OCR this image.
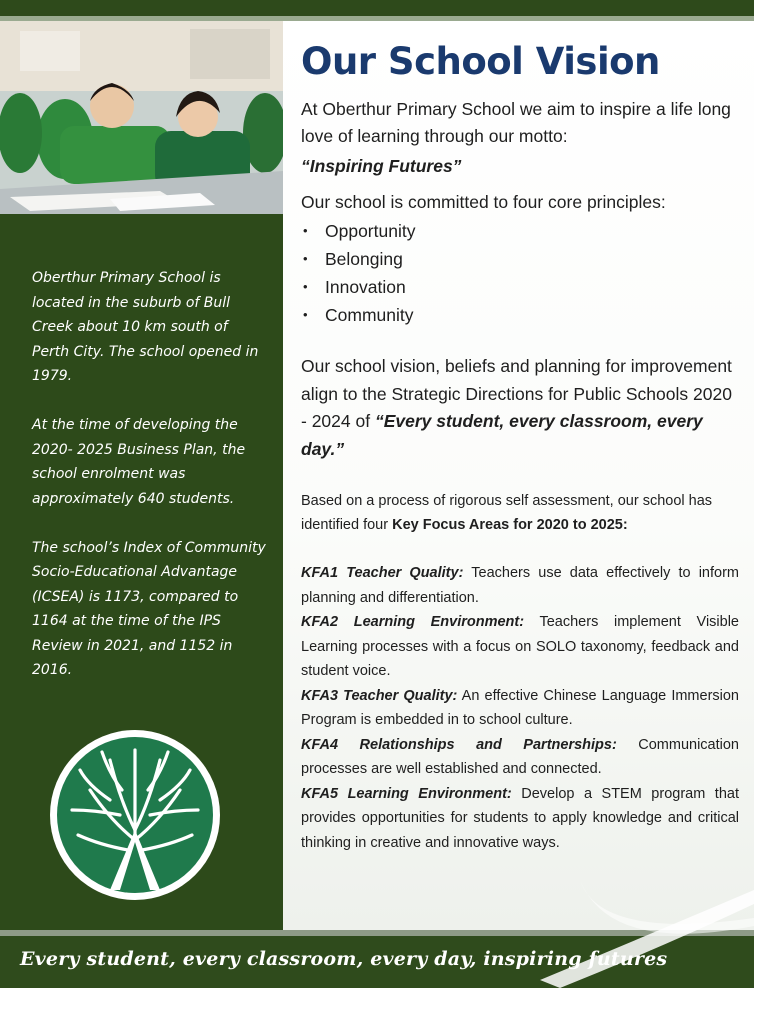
Oberthur Primary School is located in the suburb of Bull Creek about 10 km south of Perth City. The school opened in 1979.

At the time of developing the 2020- 2025 Business Plan, the school enrolment was approximately 640 students.

The school’s Index of Community Socio-Educational Advantage (ICSEA) is 1173, compared to 1164 at the time of the IPS Review in 2021, and 1152 in 2016.

Our School Vision

At Oberthur Primary School we aim to inspire a life long love of learning through our motto:

“Inspiring Futures”

Our school is committed to four core principles:

• Opportunity
• Belonging
• Innovation
• Community

Our school vision, beliefs and planning for improvement align to the Strategic Directions for Public Schools 2020 - 2024 of “Every student, every classroom, every day.”

Based on a process of rigorous self assessment, our school has identified four Key Focus Areas for 2020 to 2025:

KFA1 Teacher Quality: Teachers use data effectively to inform planning and differentiation.
KFA2 Learning Environment: Teachers implement Visible Learning processes with a focus on SOLO taxonomy, feedback and student voice.
KFA3 Teacher Quality: An effective Chinese Language Immersion Program is embedded in to school culture.
KFA4 Relationships and Partnerships: Communication processes are well established and connected.
KFA5 Learning Environment: Develop a STEM program that provides opportunities for students to apply knowledge and critical thinking in creative and innovative ways.
Every student, every classroom, every day, inspiring futures
